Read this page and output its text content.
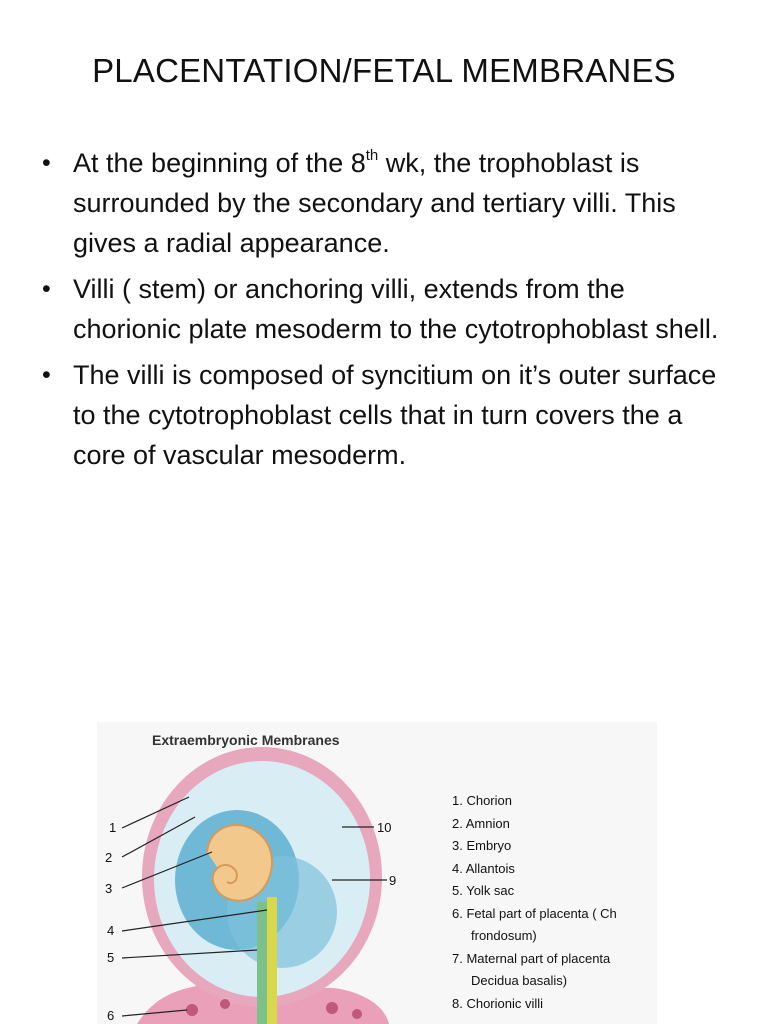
PLACENTATION/FETAL MEMBRANES
• At the beginning of the 8th wk, the trophoblast is surrounded by the secondary and tertiary villi. This gives a radial appearance.
• Villi ( stem) or anchoring villi, extends from the chorionic plate mesoderm to the cytotrophoblast shell.
• The villi is composed of syncitium on it’s outer surface to the cytotrophoblast cells that in turn covers the a core of vascular mesoderm.
Extraembryonic Membranes
1
2
3
4
5
6
9
10
1. Chorion
2. Amnion
3. Embryo
4. Allantois
5. Yolk sac
6. Fetal part of placenta ( Ch
frondosum)
7. Maternal part of placenta
Decidua basalis)
8. Chorionic villi
